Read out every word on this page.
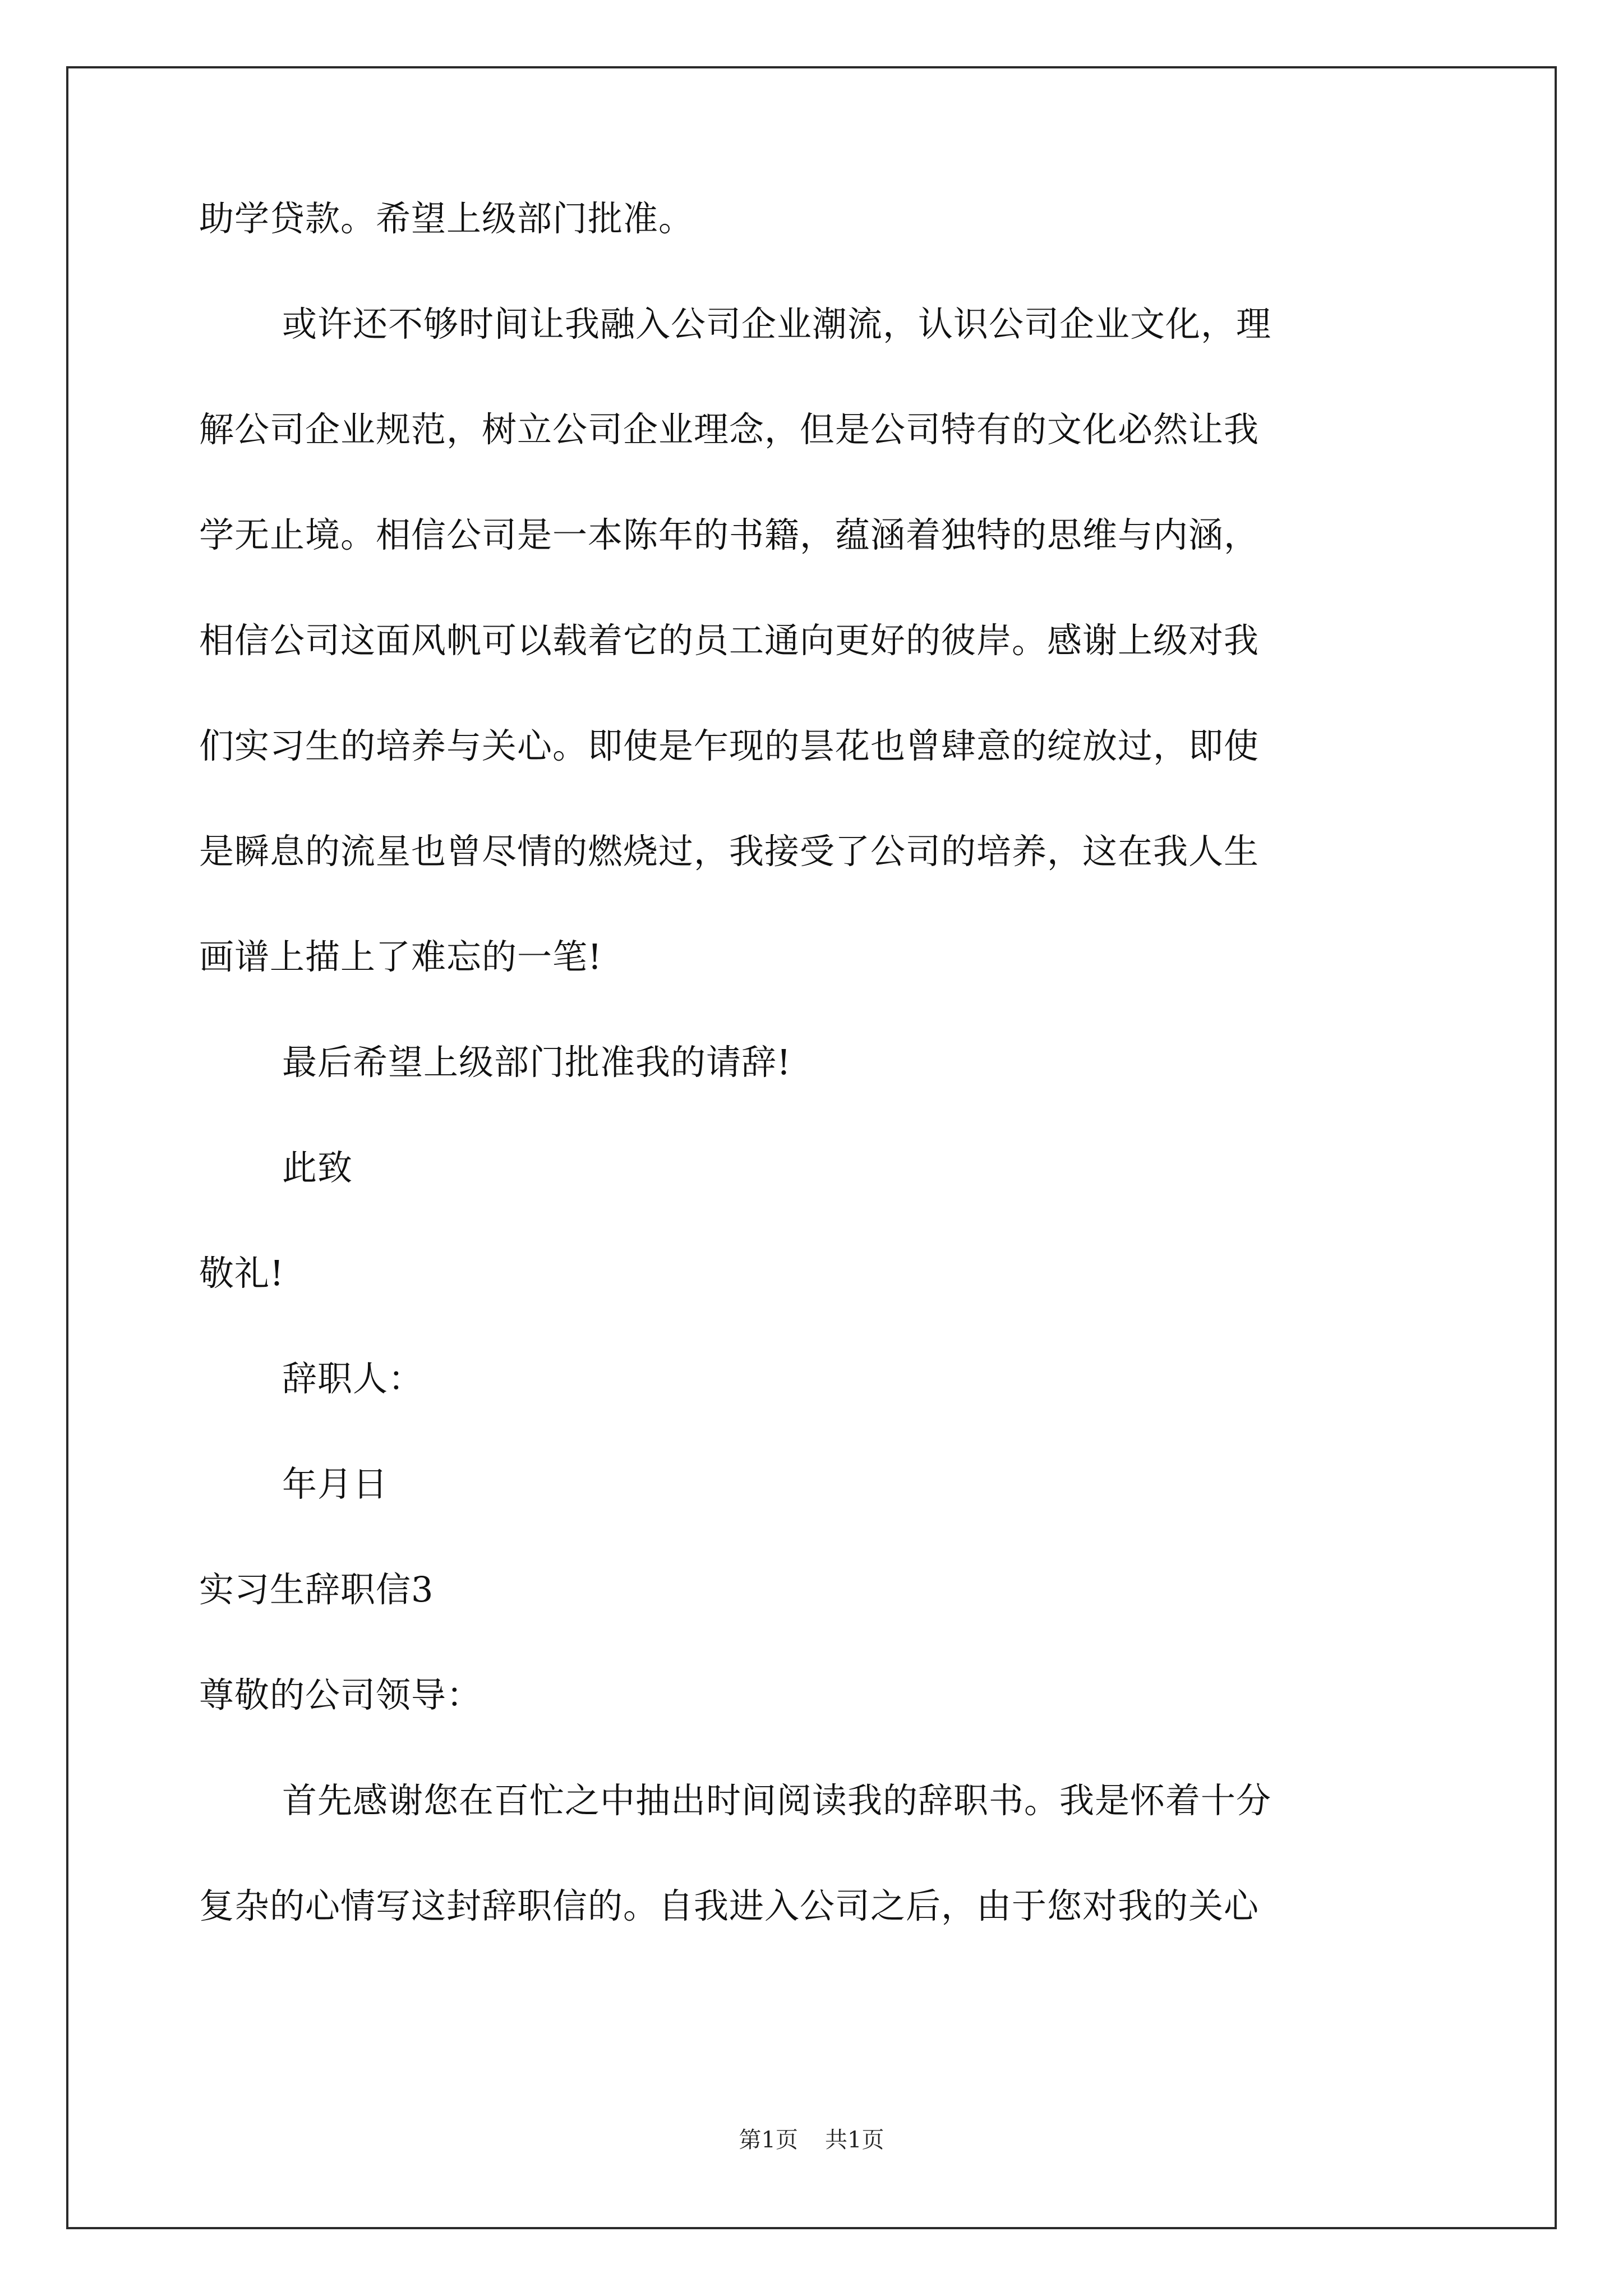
助学贷款。希望上级部门批准。
或许还不够时间让我融入公司企业潮流，认识公司企业文化，理
解公司企业规范，树立公司企业理念，但是公司特有的文化必然让我
学无止境。相信公司是一本陈年的书籍，蕴涵着独特的思维与内涵，
相信公司这面风帆可以载着它的员工通向更好的彼岸。感谢上级对我
们实习生的培养与关心。即使是乍现的昙花也曾肆意的绽放过，即使
是瞬息的流星也曾尽情的燃烧过，我接受了公司的培养，这在我人生
画谱上描上了难忘的一笔!
最后希望上级部门批准我的请辞!
此致
敬礼!
辞职人：
年月日
实习生辞职信3
尊敬的公司领导：
首先感谢您在百忙之中抽出时间阅读我的辞职书。我是怀着十分
复杂的心情写这封辞职信的。自我进入公司之后，由于您对我的关心
第1页 共1页
